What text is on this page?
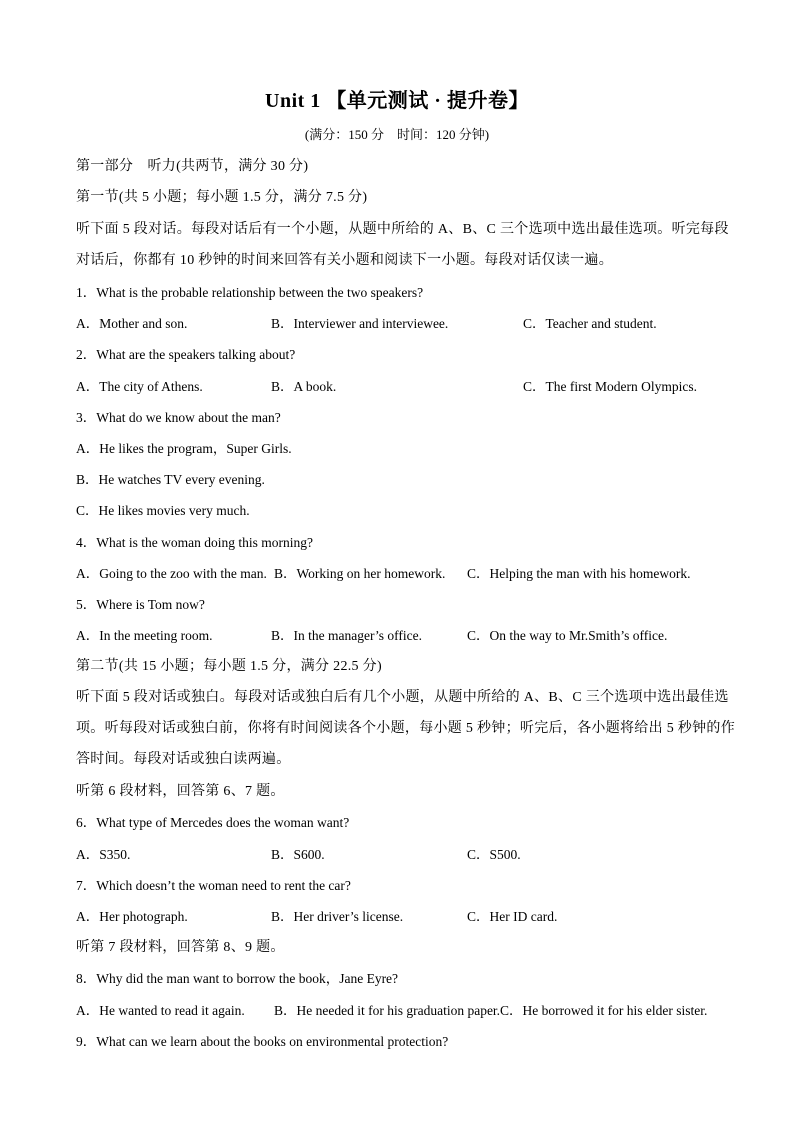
Unit 1 【单元测试 · 提升卷】
(满分：150 分　时间：120 分钟)
第一部分　听力(共两节，满分 30 分)
第一节(共 5 小题；每小题 1.5 分，满分 7.5 分)
听下面 5 段对话。每段对话后有一个小题，从题中所给的 A、B、C 三个选项中选出最佳选项。听完每段
对话后，你都有 10 秒钟的时间来回答有关小题和阅读下一小题。每段对话仅读一遍。
1．What is the probable relationship between the two speakers?
A．Mother and son.	B．Interviewer and interviewee.	C．Teacher and student.
2．What are the speakers talking about?
A．The city of Athens.	B．A book.	C．The first Modern Olympics.
3．What do we know about the man?
A．He likes the program，Super Girls.
B．He watches TV every evening.
C．He likes movies very much.
4．What is the woman doing this morning?
A．Going to the zoo with the man. B．Working on her homework. C．Helping the man with his homework.
5．Where is Tom now?
A．In the meeting room.	B．In the manager’s office.	C．On the way to Mr.Smith’s office.
第二节(共 15 小题；每小题 1.5 分，满分 22.5 分)
听下面 5 段对话或独白。每段对话或独白后有几个小题，从题中所给的 A、B、C 三个选项中选出最佳选
项。听每段对话或独白前，你将有时间阅读各个小题，每小题 5 秒钟；听完后，各小题将给出 5 秒钟的作
答时间。每段对话或独白读两遍。
听第 6 段材料，回答第 6、7 题。
6．What type of Mercedes does the woman want?
A．S350.	B．S600.	C．S500.
7．Which doesn’t the woman need to rent the car?
A．Her photograph.	B．Her driver’s license.	C．Her ID card.
听第 7 段材料，回答第 8、9 题。
8．Why did the man want to borrow the book，Jane Eyre?
A．He wanted to read it again. B．He needed it for his graduation paper. C．He borrowed it for his elder sister.
9．What can we learn about the books on environmental protection?
